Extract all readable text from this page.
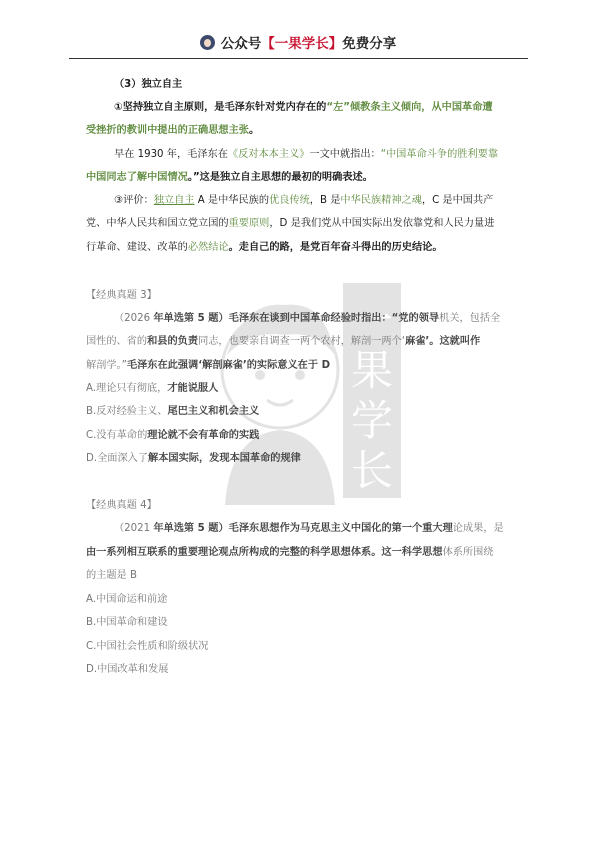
公众号 【 一果学长 】 免费分享
一
果
学
长
（3）独立自主
①坚持独立自主原则，是毛泽东针对党内存在的“左”倾教条主义倾向，从中国革命遭
受挫折的教训中提出的正确思想主张。
早在 1930 年，毛泽东在《反对本本主义》一文中就指出：“中国革命斗争的胜利要靠
中国同志了解中国情况。”这是独立自主思想的最初的明确表述。
③评价：独立自主 A 是中华民族的优良传统，B 是中华民族精神之魂，C 是中国共产
党、中华人民共和国立党立国的重要原则，D 是我们党从中国实际出发依靠党和人民力量进
行革命、建设、改革的必然结论。走自己的路，是党百年奋斗得出的历史结论。
【经典真题 3】
（2026 年单选第 5 题）毛泽东在谈到中国革命经验时指出：“党的领导机关，包括全
国性的、省的和县的负责同志，也要亲自调查一两个农村，解剖一两个‘麻雀’。这就叫作
解剖学。”毛泽东在此强调‘解剖麻雀’的实际意义在于 D
A.理论只有彻底，才能说服人
B.反对经验主义、尾巴主义和机会主义
C.没有革命的理论就不会有革命的实践
D.全面深入了解本国实际，发现本国革命的规律
【经典真题 4】
（2021 年单选第 5 题）毛泽东思想作为马克思主义中国化的第一个重大理论成果，是
由一系列相互联系的重要理论观点所构成的完整的科学思想体系。这一科学思想体系所围绕
的主题是 B
A.中国命运和前途
B.中国革命和建设
C.中国社会性质和阶级状况
D.中国改革和发展
